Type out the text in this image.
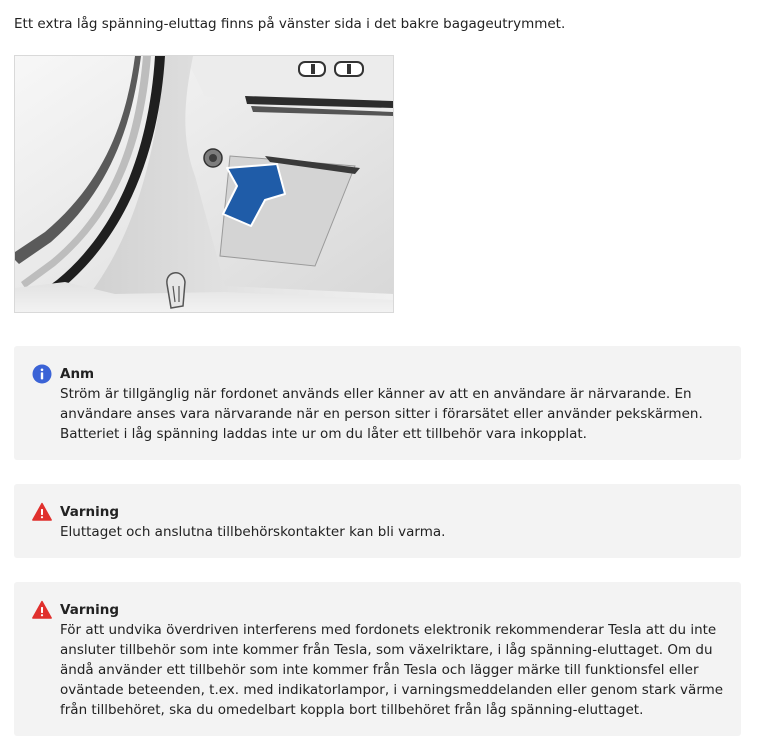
Ett extra låg spänning-eluttag finns på vänster sida i det bakre bagageutrymmet.

Anm

Ström är tillgänglig när fordonet används eller känner av att en användare är närvarande. En användare anses vara närvarande när en person sitter i förarsätet eller använder pekskärmen. Batteriet i låg spänning laddas inte ur om du låter ett tillbehör vara inkopplat.

Varning

Eluttaget och anslutna tillbehörskontakter kan bli varma.

Varning

För att undvika överdriven interferens med fordonets elektronik rekommenderar Tesla att du inte ansluter tillbehör som inte kommer från Tesla, som växelriktare, i låg spänning-eluttaget. Om du ändå använder ett tillbehör som inte kommer från Tesla och lägger märke till funktionsfel eller oväntade beteenden, t.ex. med indikatorlampor, i varningsmeddelanden eller genom stark värme från tillbehöret, ska du omedelbart koppla bort tillbehöret från låg spänning-eluttaget.
